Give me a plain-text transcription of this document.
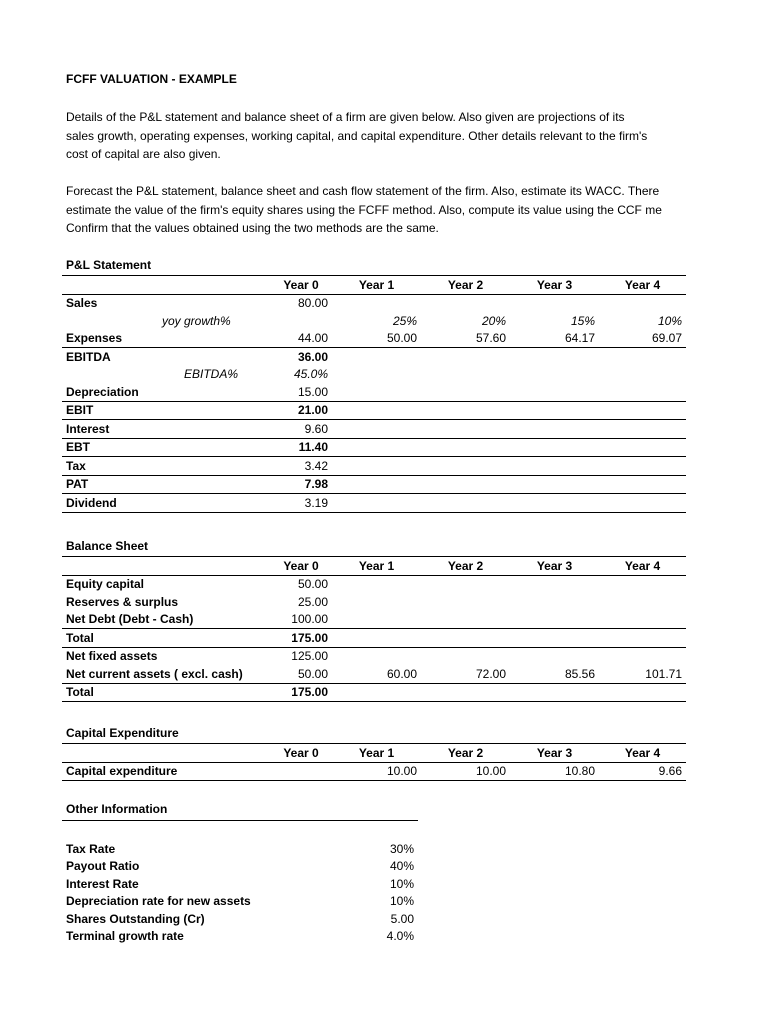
FCFF VALUATION - EXAMPLE
Details of the P&L statement and balance sheet of a firm are given below. Also given are projections of its
sales growth, operating expenses, working capital, and capital expenditure. Other details relevant to the firm's
cost of capital are also given.
Forecast the P&L statement, balance sheet and cash flow statement of the firm. Also, estimate its WACC. There
estimate the value of the firm's equity shares using the FCFF method. Also, compute its value using the CCF me
Confirm that the values obtained using the two methods are the same.
P&L Statement
	Year 0	Year 1	Year 2	Year 3	Year 4
Sales	80.00				
yoy growth%		25%	20%	15%	10%
Expenses	44.00	50.00	57.60	64.17	69.07
EBITDA	36.00				
EBITDA%	45.0%				
Depreciation	15.00				
EBIT	21.00				
Interest	9.60				
EBT	11.40				
Tax	3.42				
PAT	7.98				
Dividend	3.19				
Balance Sheet
	Year 0	Year 1	Year 2	Year 3	Year 4
Equity capital	50.00				
Reserves & surplus	25.00				
Net Debt (Debt - Cash)	100.00				
Total	175.00				
Net fixed assets	125.00				
Net current assets ( excl. cash)	50.00	60.00	72.00	85.56	101.71
Total	175.00				
Capital Expenditure
	Year 0	Year 1	Year 2	Year 3	Year 4
Capital expenditure		10.00	10.00	10.80	9.66
Other Information

Tax Rate	30%
Payout Ratio	40%
Interest Rate	10%
Depreciation rate for new assets	10%
Shares Outstanding (Cr)	5.00
Terminal growth rate	4.0%
